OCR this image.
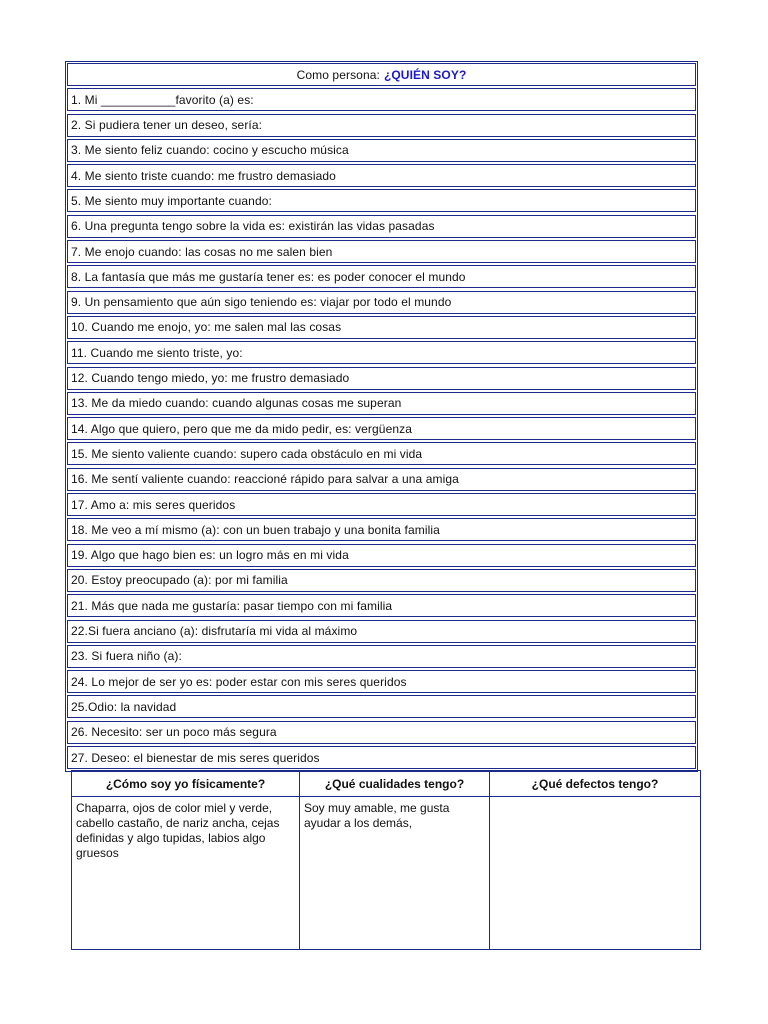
Como persona: ¿QUIÉN SOY?
1. Mi ___________favorito (a) es:
2. Si pudiera tener un deseo, sería:
3. Me siento feliz cuando: cocino y escucho música
4. Me siento triste cuando: me frustro demasiado
5. Me siento muy importante cuando:
6. Una pregunta tengo sobre la vida es: existirán las vidas pasadas
7. Me enojo cuando: las cosas no me salen bien
8. La fantasía que más me gustaría tener es: es poder conocer el mundo
9. Un pensamiento que aún sigo teniendo es: viajar por todo el mundo
10. Cuando me enojo, yo: me salen mal las cosas
11. Cuando me siento triste, yo:
12. Cuando tengo miedo, yo: me frustro demasiado
13. Me da miedo cuando: cuando algunas cosas me superan
14. Algo que quiero, pero que me da mido pedir, es: vergüenza
15. Me siento valiente cuando: supero cada obstáculo en mi vida
16. Me sentí valiente cuando: reaccioné rápido para salvar a una amiga
17. Amo a: mis seres queridos
18. Me veo a mí mismo (a): con un buen trabajo y una bonita familia
19. Algo que hago bien es: un logro más en mi vida
20. Estoy preocupado (a): por mi familia
21. Más que nada me gustaría: pasar tiempo con mi familia
22.Si fuera anciano (a): disfrutaría mi vida al máximo
23. Si fuera niño (a):
24. Lo mejor de ser yo es: poder estar con mis seres queridos
25.Odio: la navidad
26. Necesito: ser un poco más segura
27. Deseo: el bienestar de mis seres queridos
¿Cómo soy yo físicamente?	¿Qué cualidades tengo?	¿Qué defectos tengo?
Chaparra, ojos de color miel y verde, cabello castaño, de nariz ancha, cejas definidas y algo tupidas, labios algo gruesos
Soy muy amable, me gusta ayudar a los demás,
